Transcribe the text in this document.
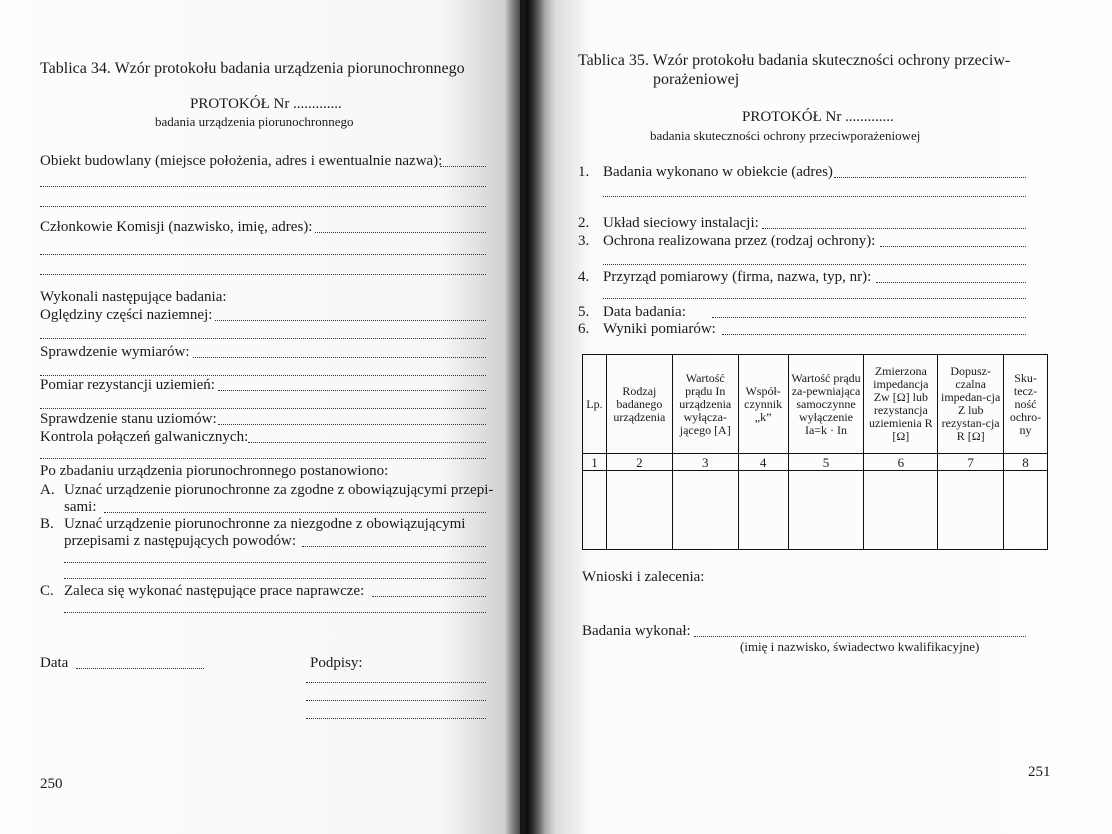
Tablica 34. Wzór protokołu badania urządzenia piorunochronnego
PROTOKÓŁ Nr .............
badania urządzenia piorunochronnego
Obiekt budowlany (miejsce położenia, adres i ewentualnie nazwa):
Członkowie Komisji (nazwisko, imię, adres):
Wykonali następujące badania:
Oględziny części naziemnej:
Sprawdzenie wymiarów:
Pomiar rezystancji uziemień:
Sprawdzenie stanu uziomów:
Kontrola połączeń galwanicznych:
Po zbadaniu urządzenia piorunochronnego postanowiono:
A. Uznać urządzenie piorunochronne za zgodne z obowiązującymi przepi-
sami:
B. Uznać urządzenie piorunochronne za niezgodne z obowiązującymi
przepisami z następujących powodów:
C. Zaleca się wykonać następujące prace naprawcze:
Data	Podpisy:
250
Tablica 35. Wzór protokołu badania skuteczności ochrony przeciw-
porażeniowej
PROTOKÓŁ Nr .............
badania skuteczności ochrony przeciwporażeniowej
1. Badania wykonano w obiekcie (adres)
2. Układ sieciowy instalacji:
3. Ochrona realizowana przez (rodzaj ochrony):
4. Przyrząd pomiarowy (firma, nazwa, typ, nr):
5. Data badania:
6. Wyniki pomiarów:
Lp.	Rodzaj badanego urządzenia	Wartość prądu In urządzenia wyłącza-jącego [A]	Współ-czynnik „k”	Wartość prądu za-pewniająca samoczynne wyłączenie Ia=k · In	Zmierzona impedancja Zw [Ω] lub rezystancja uziemienia R [Ω]	Dopusz-czalna impedan-cja Z lub rezystan-cja R [Ω]	Sku-tecz-ność ochro-ny
1	2	3	4	5	6	7	8

Wnioski i zalecenia:
Badania wykonał:
(imię i nazwisko, świadectwo kwalifikacyjne)
251
